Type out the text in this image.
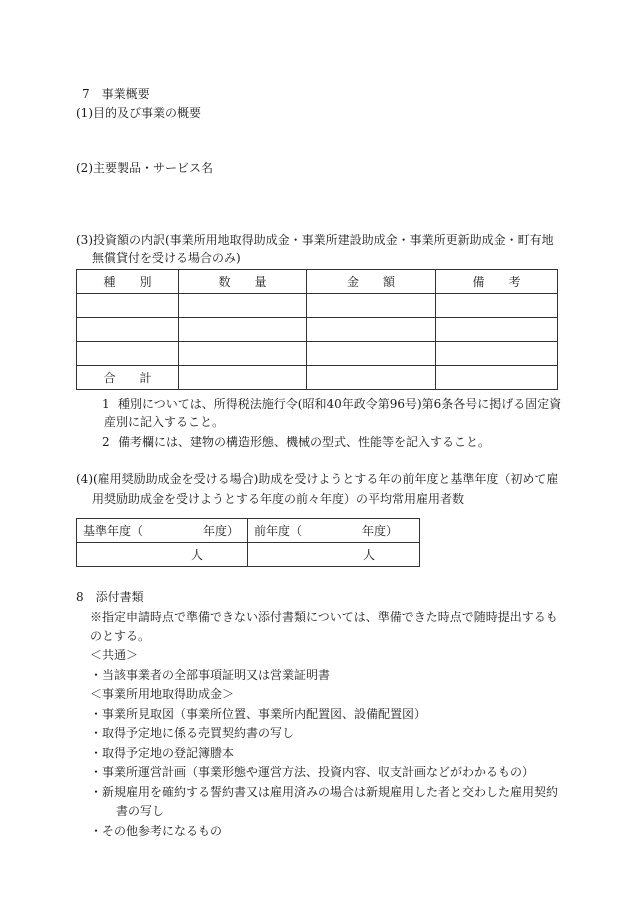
7　事業概要
(1)目的及び事業の概要
(2)主要製品・サービス名
(3)投資額の内訳(事業所用地取得助成金・事業所建設助成金・事業所更新助成金・町有地
無償貸付を受ける場合のみ)
種　　別	数　　量	金　　額	備　　考

合　　計			
1 種別については、所得税法施行令(昭和40年政令第96号)第6条各号に掲げる固定資
産別に記入すること。
2 備考欄には、建物の構造形態、機械の型式、性能等を記入すること。
(4)(雇用奨励助成金を受ける場合)助成を受けようとする年の前年度と基準年度（初めて雇
用奨励助成金を受けようとする年度の前々年度）の平均常用雇用者数
基準年度（　　　　　年度）	前年度（　　　　　年度）
人	人
8　添付書類
※指定申請時点で準備できない添付書類については、準備できた時点で随時提出するも
のとする。
＜共通＞
・当該事業者の全部事項証明又は営業証明書
＜事業所用地取得助成金＞
・事業所見取図（事業所位置、事業所内配置図、設備配置図）
・取得予定地に係る売買契約書の写し
・取得予定地の登記簿謄本
・事業所運営計画（事業形態や運営方法、投資内容、収支計画などがわかるもの）
・新規雇用を確約する誓約書又は雇用済みの場合は新規雇用した者と交わした雇用契約
書の写し
・その他参考になるもの
